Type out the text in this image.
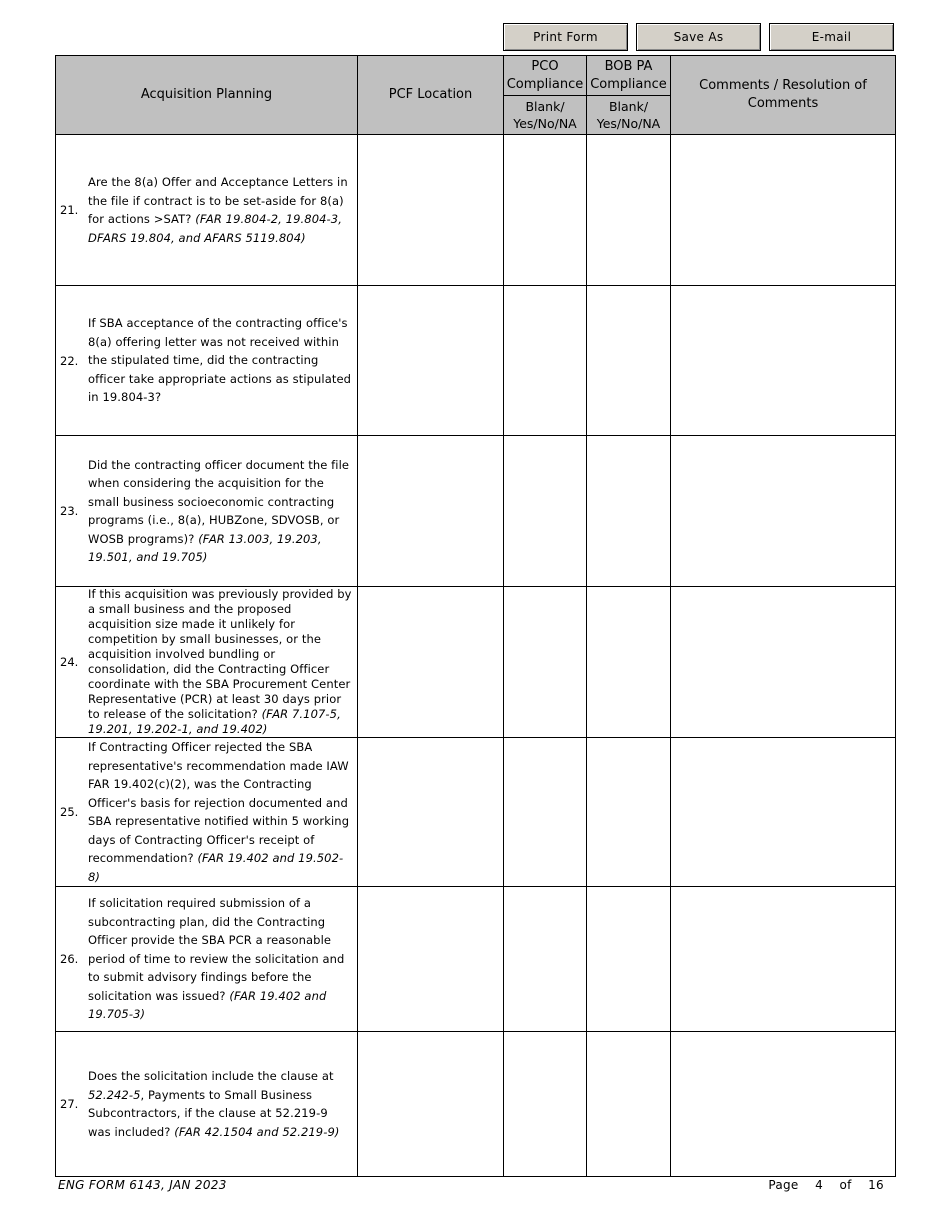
Print Form	Save As	E-mail
Acquisition Planning	PCF Location	PCO Compliance	BOB PA Compliance	Comments / Resolution of Comments
		Blank/ Yes/No/NA	Blank/ Yes/No/NA	

21.
Are the 8(a) Offer and Acceptance Letters in the file if contract is to be set-aside for 8(a) for actions >SAT? (FAR 19.804-2, 19.804-3, DFARS 19.804, and AFARS 5119.804)				

22.
If SBA acceptance of the contracting office's 8(a) offering letter was not received within the stipulated time, did the contracting officer take appropriate actions as stipulated in 19.804-3?				

23.
Did the contracting officer document the file when considering the acquisition for the small business socioeconomic contracting programs (i.e., 8(a), HUBZone, SDVOSB, or WOSB programs)? (FAR 13.003, 19.203, 19.501, and 19.705)				

24.
If this acquisition was previously provided by a small business and the proposed acquisition size made it unlikely for competition by small businesses, or the acquisition involved bundling or consolidation, did the Contracting Officer coordinate with the SBA Procurement Center Representative (PCR) at least 30 days prior to release of the solicitation? (FAR 7.107-5, 19.201, 19.202-1, and 19.402)				

25.
If Contracting Officer rejected the SBA representative's recommendation made IAW FAR 19.402(c)(2), was the Contracting Officer's basis for rejection documented and SBA representative notified within 5 working days of Contracting Officer's receipt of recommendation? (FAR 19.402 and 19.502-8)				

26.
If solicitation required submission of a subcontracting plan, did the Contracting Officer provide the SBA PCR a reasonable period of time to review the solicitation and to submit advisory findings before the solicitation was issued? (FAR 19.402 and 19.705-3)				

27.
Does the solicitation include the clause at 52.242-5, Payments to Small Business Subcontractors, if the clause at 52.219-9 was included? (FAR 42.1504 and 52.219-9)				

ENG FORM 6143, JAN 2023	Page 4 of 16
